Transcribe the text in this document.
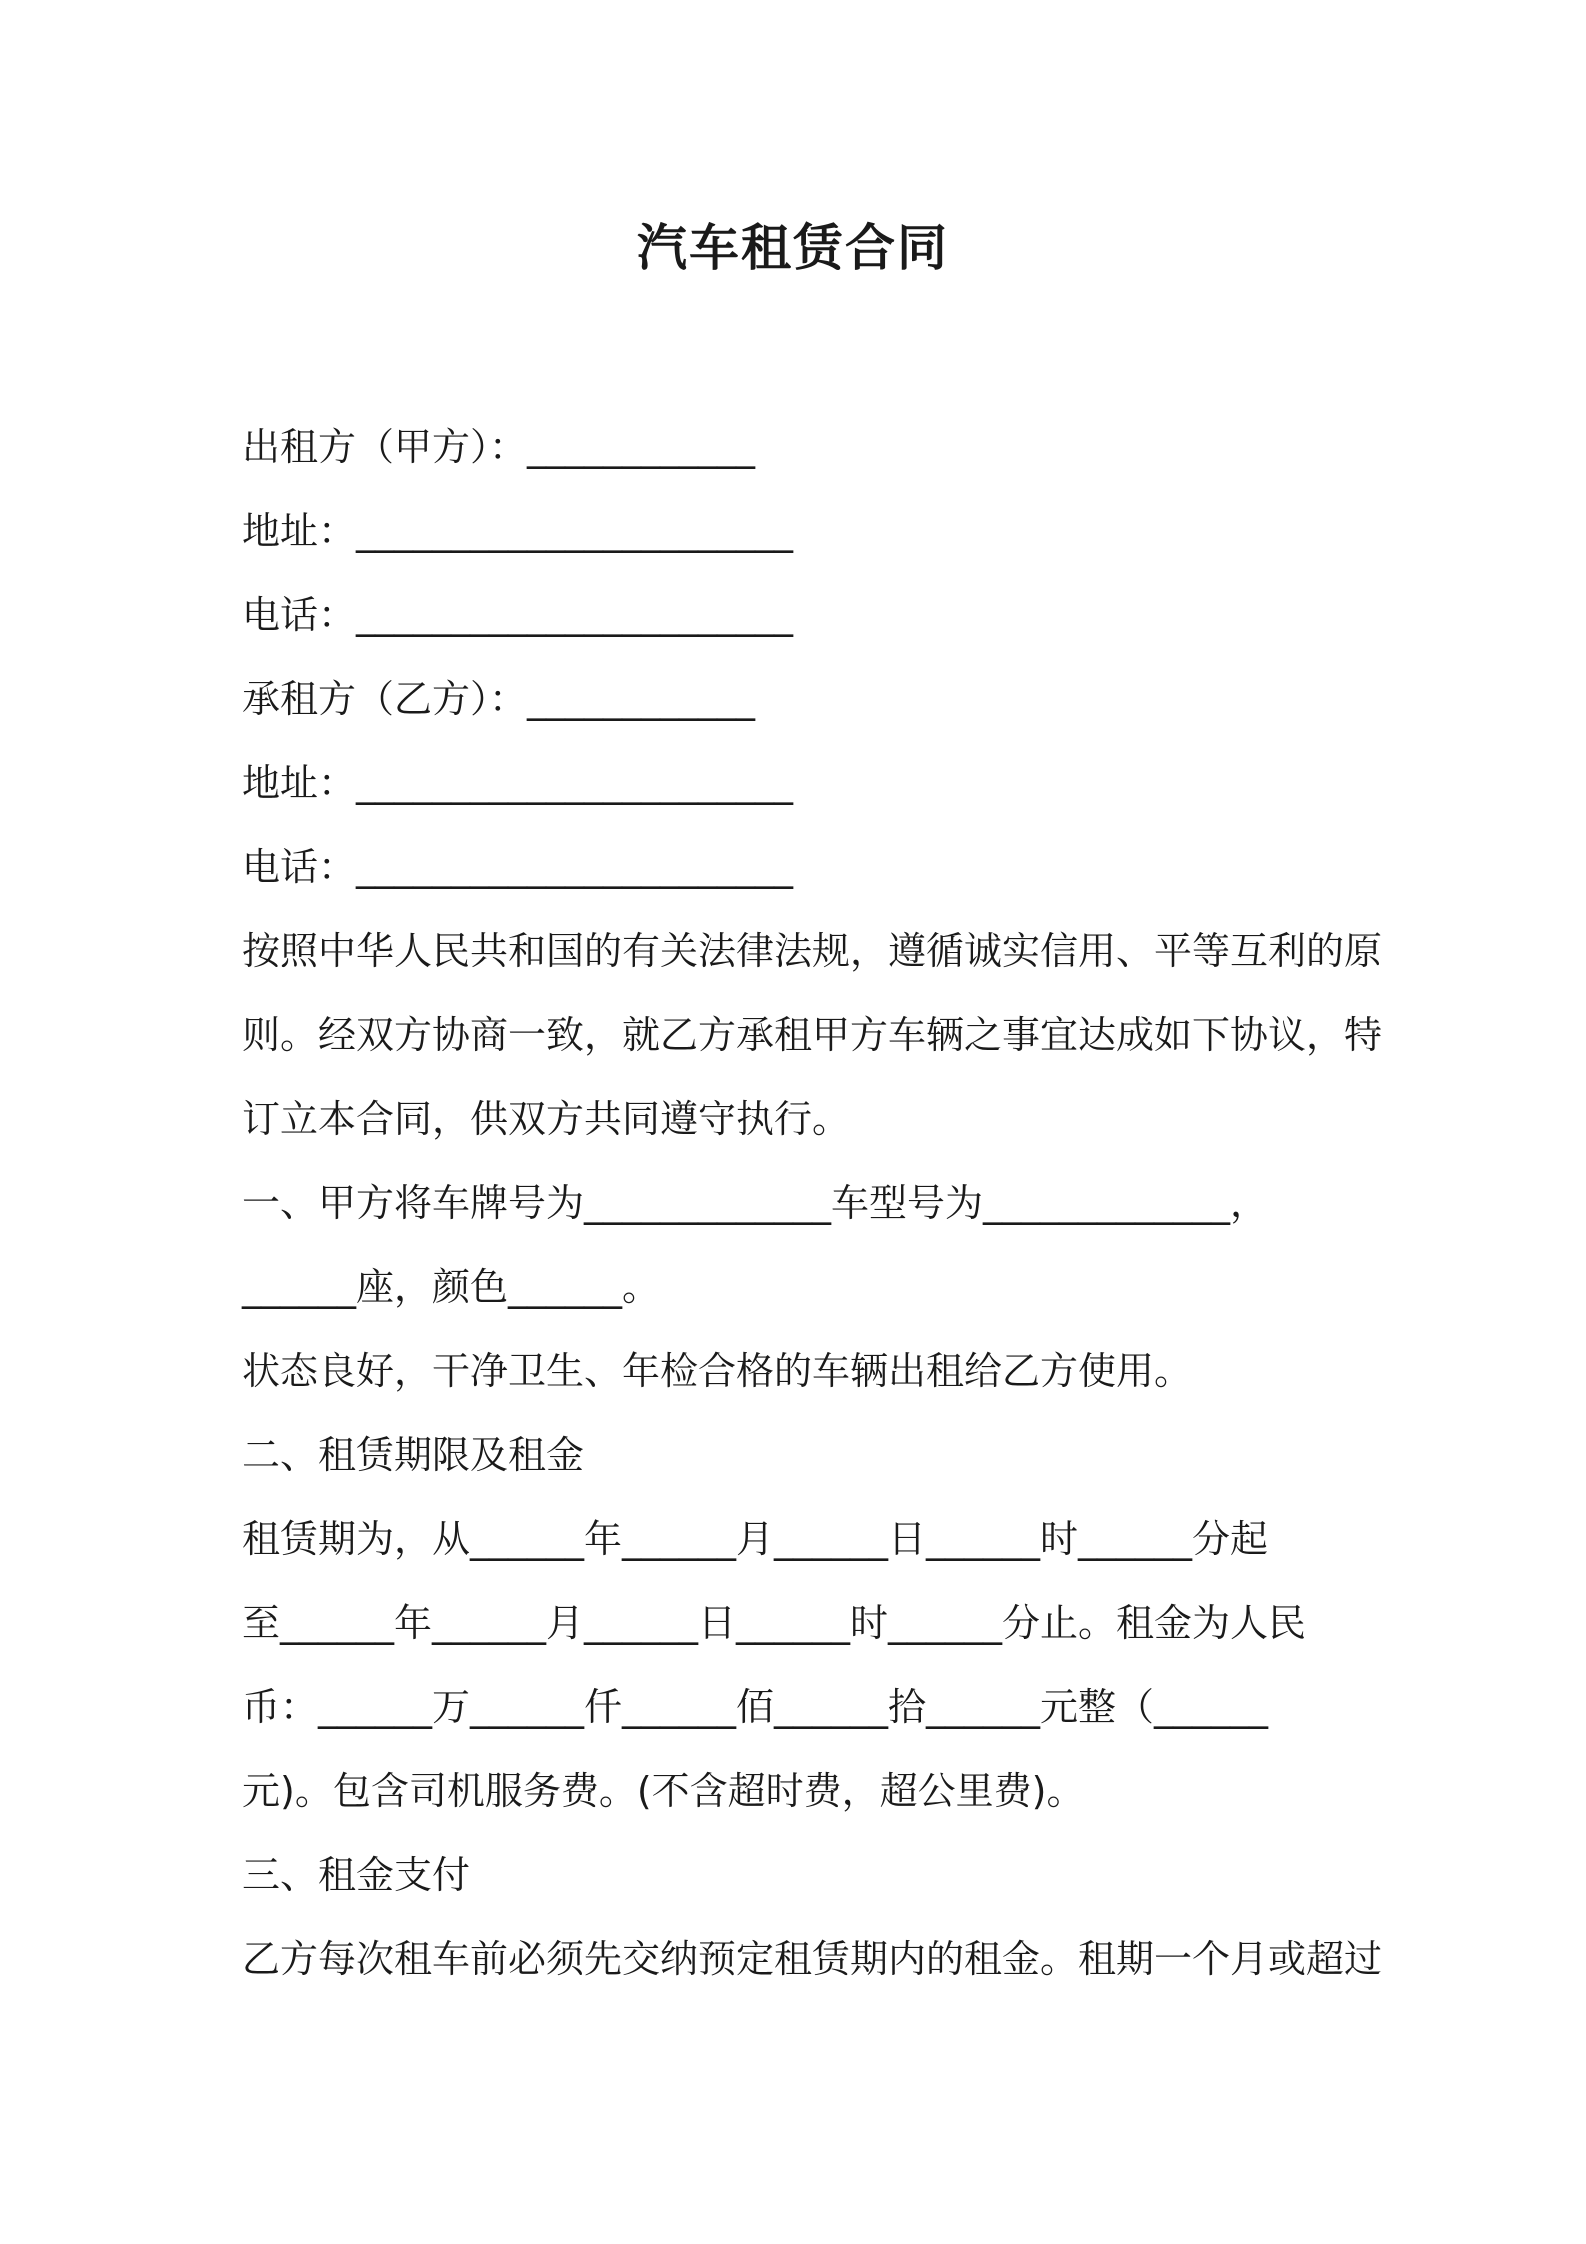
汽车租赁合同

出租方（甲方）：____________

地址：_______________________

电话：_______________________

承租方（乙方）：____________

地址：_______________________

电话：_______________________

按照中华人民共和国的有关法律法规，遵循诚实信用、平等互利的原

则。经双方协商一致，就乙方承租甲方车辆之事宜达成如下协议，特

订立本合同，供双方共同遵守执行。

一、甲方将车牌号为_____________车型号为_____________，

______座，颜色______。

状态良好，干净卫生、年检合格的车辆出租给乙方使用。

二、租赁期限及租金

租赁期为，从______年______月______日______时______分起

至______年______月______日______时______分止。租金为人民

币：______万______仟______佰______拾______元整（______

元)。包含司机服务费。(不含超时费，超公里费)。

三、租金支付

乙方每次租车前必须先交纳预定租赁期内的租金。租期一个月或超过
